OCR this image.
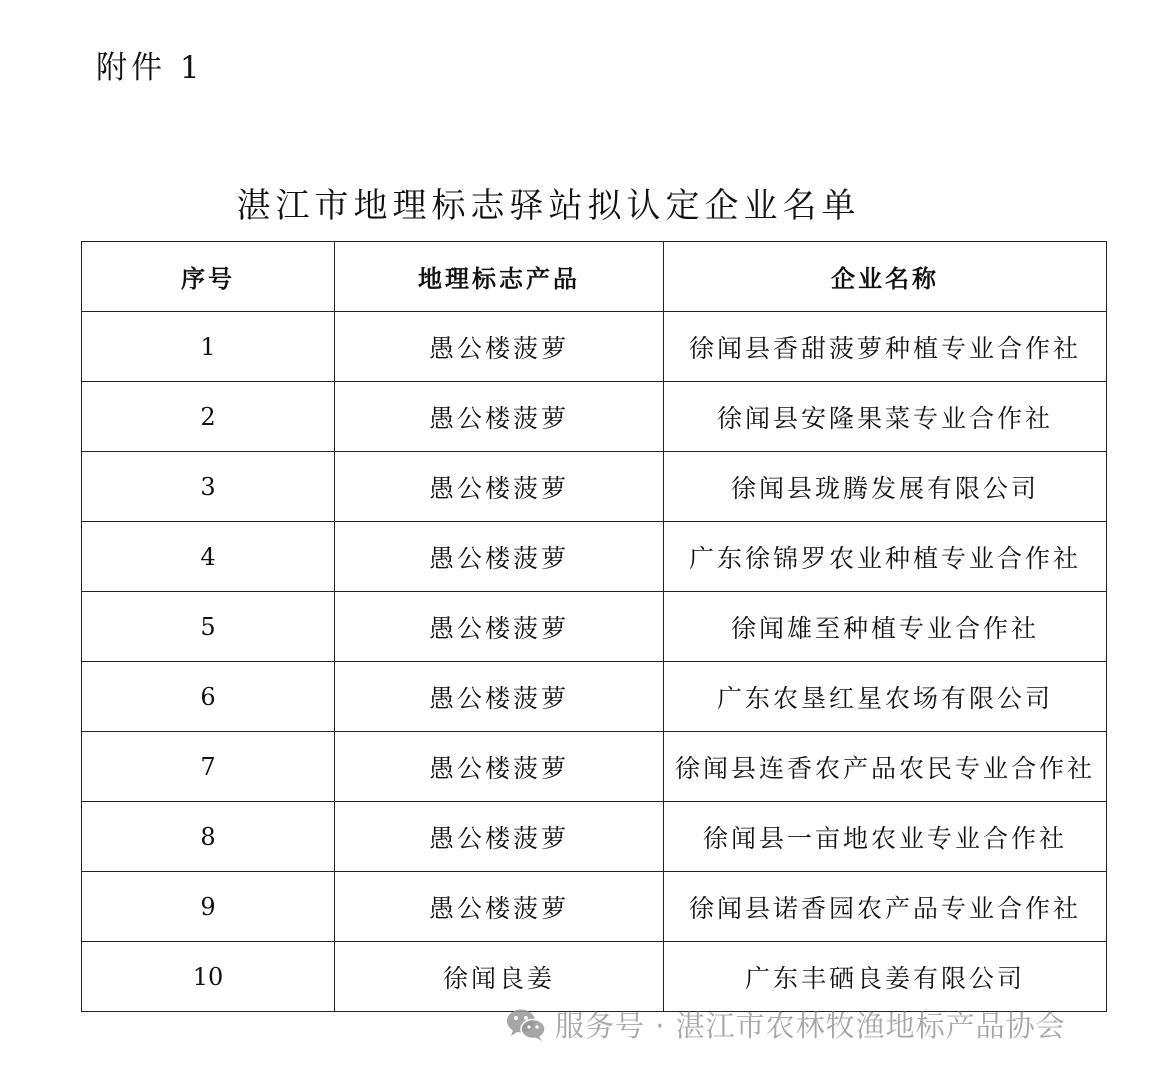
附件 1
湛江市地理标志驿站拟认定企业名单
序号	地理标志产品	企业名称
1	愚公楼菠萝	徐闻县香甜菠萝种植专业合作社
2	愚公楼菠萝	徐闻县安隆果菜专业合作社
3	愚公楼菠萝	徐闻县珑腾发展有限公司
4	愚公楼菠萝	广东徐锦罗农业种植专业合作社
5	愚公楼菠萝	徐闻雄至种植专业合作社
6	愚公楼菠萝	广东农垦红星农场有限公司
7	愚公楼菠萝	徐闻县连香农产品农民专业合作社
8	愚公楼菠萝	徐闻县一亩地农业专业合作社
9	愚公楼菠萝	徐闻县诺香园农产品专业合作社
10	徐闻良姜	广东丰硒良姜有限公司
服务号 · 湛江市农林牧渔地标产品协会
